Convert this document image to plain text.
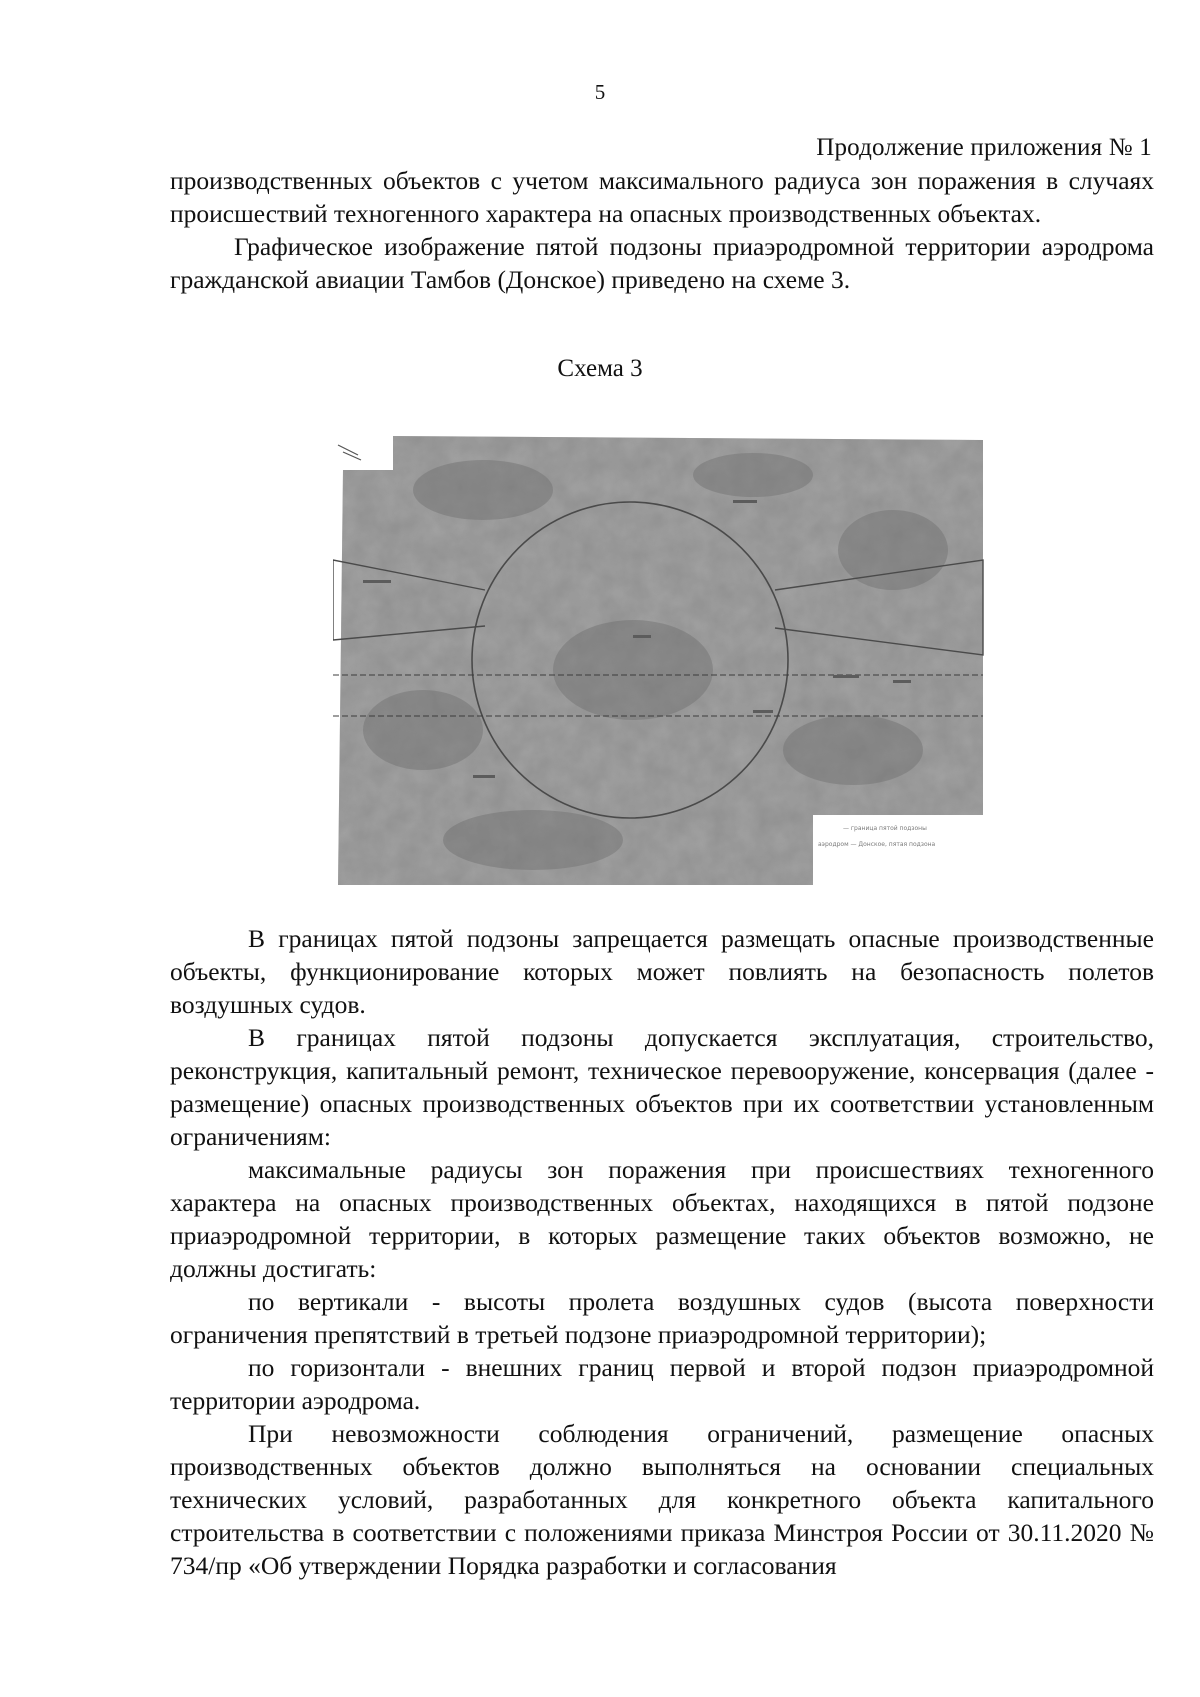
5
Продолжение приложения № 1

производственных объектов с учетом максимального радиуса зон поражения в случаях происшествий техногенного характера на опасных производственных объектах.

Графическое изображение пятой подзоны приаэродромной территории аэродрома гражданской авиации Тамбов (Донское) приведено на схеме 3.

Схема 3
— граница пятой подзоны
аэродром — Донское, пятая подзона

В границах пятой подзоны запрещается размещать опасные производственные объекты, функционирование которых может повлиять на безопасность полетов воздушных судов.

В границах пятой подзоны допускается эксплуатация, строительство, реконструкция, капитальный ремонт, техническое перевооружение, консервация (далее - размещение) опасных производственных объектов при их соответствии установленным ограничениям:

максимальные радиусы зон поражения при происшествиях техногенного характера на опасных производственных объектах, находящихся в пятой подзоне приаэродромной территории, в которых размещение таких объектов возможно, не должны достигать:

по вертикали - высоты пролета воздушных судов (высота поверхности ограничения препятствий в третьей подзоне приаэродромной территории);

по горизонтали - внешних границ первой и второй подзон приаэродромной территории аэродрома.

При невозможности соблюдения ограничений, размещение опасных производственных объектов должно выполняться на основании специальных технических условий, разработанных для конкретного объекта капитального строительства в соответствии с положениями приказа Минстроя России от 30.11.2020 № 734/пр «Об утверждении Порядка разработки и согласования
